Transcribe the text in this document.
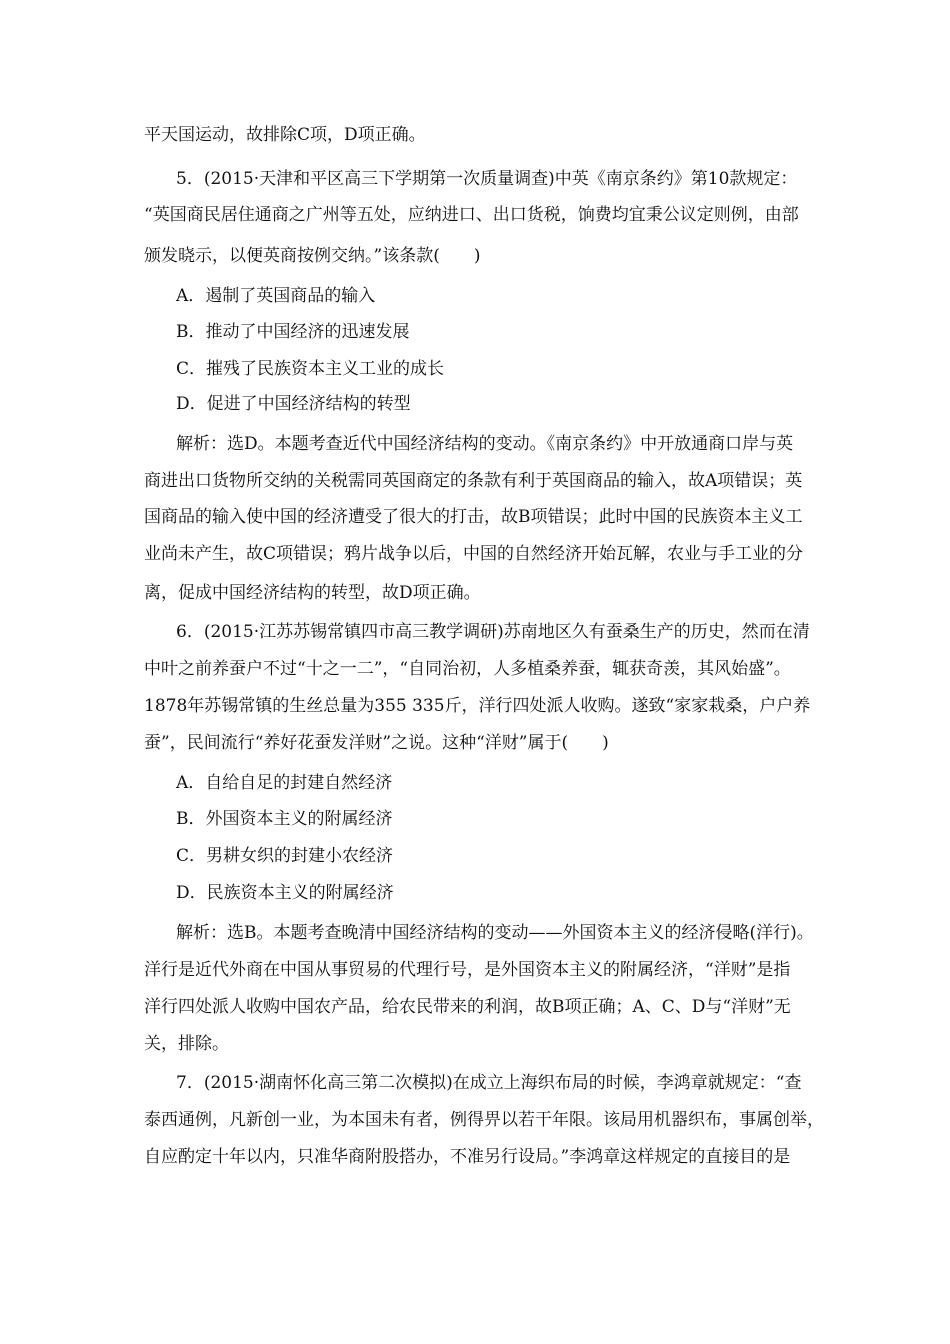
平天国运动，故排除C项，D项正确。
5．(2015·天津和平区高三下学期第一次质量调查)中英《南京条约》第10款规定：
“英国商民居住通商之广州等五处，应纳进口、出口货税，饷费均宜秉公议定则例，由部
颁发晓示，以便英商按例交纳。”该条款(　　)
A．遏制了英国商品的输入
B．推动了中国经济的迅速发展
C．摧残了民族资本主义工业的成长
D．促进了中国经济结构的转型
解析：选D。本题考查近代中国经济结构的变动。《南京条约》中开放通商口岸与英
商进出口货物所交纳的关税需同英国商定的条款有利于英国商品的输入，故A项错误；英
国商品的输入使中国的经济遭受了很大的打击，故B项错误；此时中国的民族资本主义工
业尚未产生，故C项错误；鸦片战争以后，中国的自然经济开始瓦解，农业与手工业的分
离，促成中国经济结构的转型，故D项正确。
6．(2015·江苏苏锡常镇四市高三教学调研)苏南地区久有蚕桑生产的历史，然而在清
中叶之前养蚕户不过“十之一二”，“自同治初，人多植桑养蚕，辄获奇羡，其风始盛”。
1878年苏锡常镇的生丝总量为355 335斤，洋行四处派人收购。遂致“家家栽桑，户户养
蚕”，民间流行“养好花蚕发洋财”之说。这种“洋财”属于(　　)
A．自给自足的封建自然经济
B．外国资本主义的附属经济
C．男耕女织的封建小农经济
D．民族资本主义的附属经济
解析：选B。本题考查晚清中国经济结构的变动——外国资本主义的经济侵略(洋行)。
洋行是近代外商在中国从事贸易的代理行号，是外国资本主义的附属经济，“洋财”是指
洋行四处派人收购中国农产品，给农民带来的利润，故B项正确；A、C、D与“洋财”无
关，排除。
7．(2015·湖南怀化高三第二次模拟)在成立上海织布局的时候，李鸿章就规定：“查
泰西通例，凡新创一业，为本国未有者，例得畀以若干年限。该局用机器织布，事属创举，
自应酌定十年以内，只准华商附股搭办，不准另行设局。”李鸿章这样规定的直接目的是
